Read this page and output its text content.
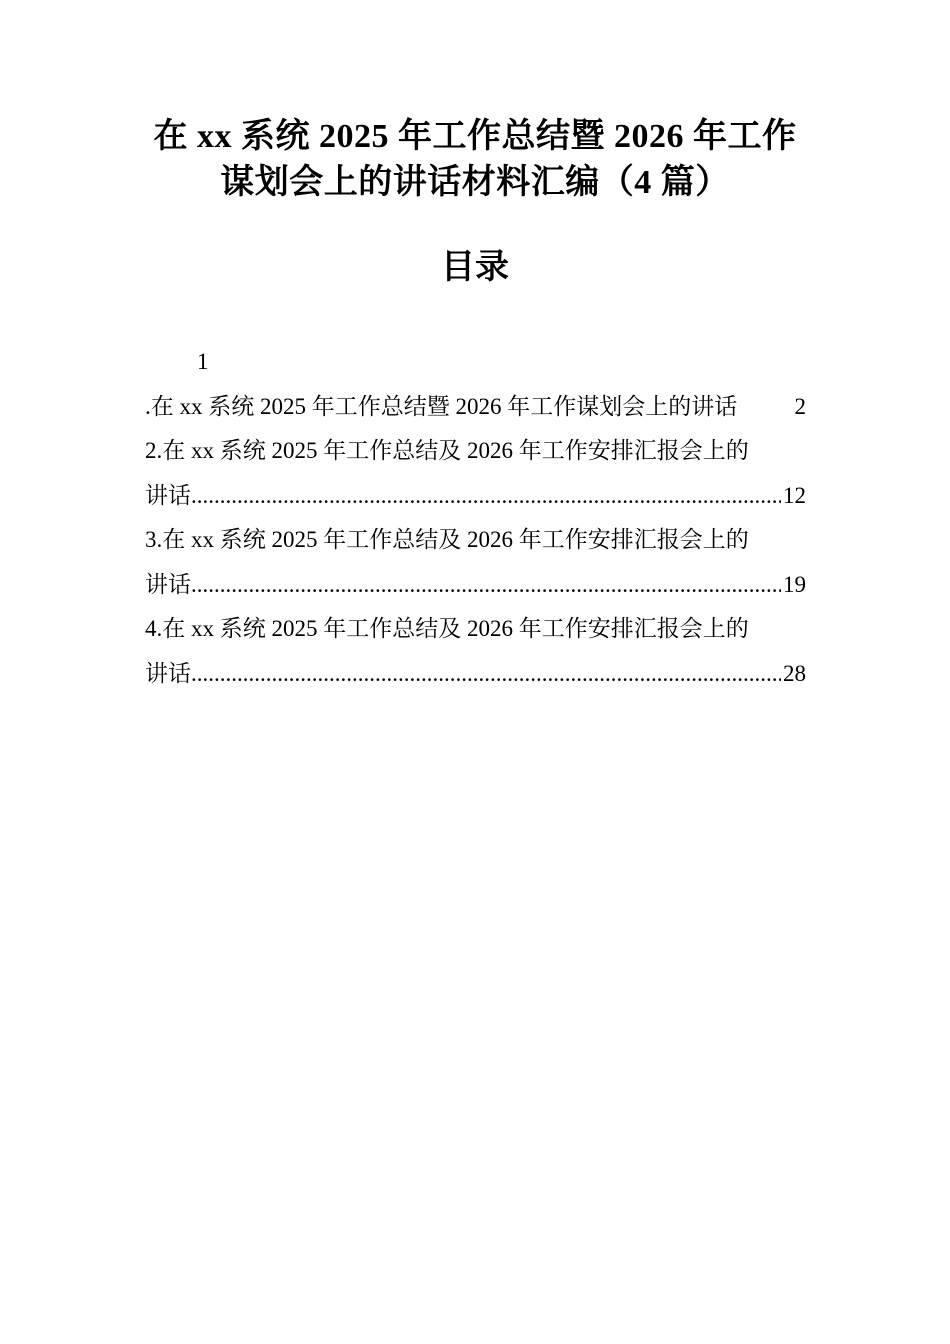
在 xx 系统 2025 年工作总结暨 2026 年工作
谋划会上的讲话材料汇编（4 篇）
目录
1
.在 xx 系统 2025 年工作总结暨 2026 年工作谋划会上的讲话 2
2.在 xx 系统 2025 年工作总结及 2026 年工作安排汇报会上的
讲话 .....	12
3.在 xx 系统 2025 年工作总结及 2026 年工作安排汇报会上的
讲话 .....	19
4.在 xx 系统 2025 年工作总结及 2026 年工作安排汇报会上的
讲话 .....	28
